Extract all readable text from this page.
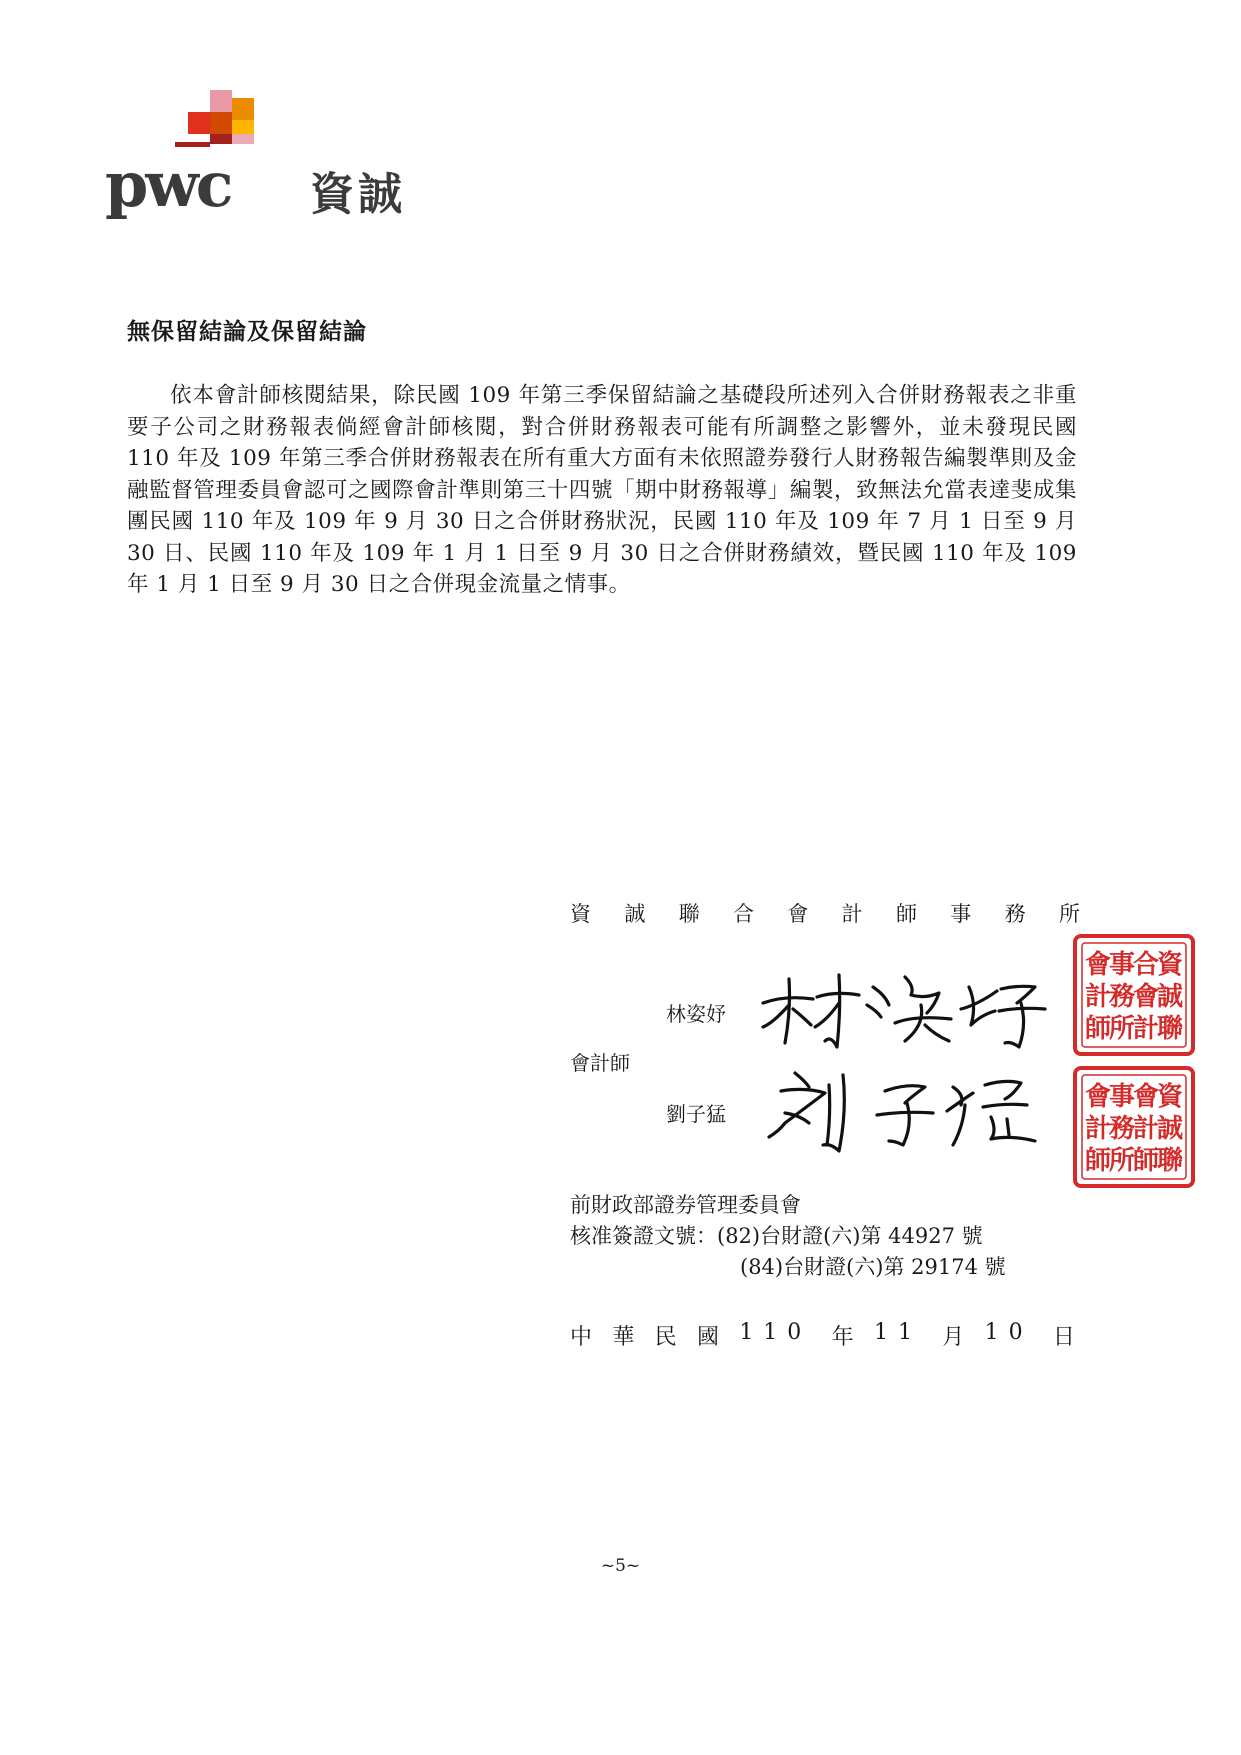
pwc 資誠
無保留結論及保留結論

依本會計師核閱結果，除民國 109 年第三季保留結論之基礎段所述列入合併財務報表之非重要子公司之財務報表倘經會計師核閱，對合併財務報表可能有所調整之影響外，並未發現民國 110 年及 109 年第三季合併財務報表在所有重大方面有未依照證券發行人財務報告編製準則及金融監督管理委員會認可之國際會計準則第三十四號「期中財務報導」編製，致無法允當表達斐成集團民國 110 年及 109 年 9 月 30 日之合併財務狀況，民國 110 年及 109 年 7 月 1 日至 9 月 30 日、民國 110 年及 109 年 1 月 1 日至 9 月 30 日之合併財務績效，暨民國 110 年及 109 年 1 月 1 日至 9 月 30 日之合併現金流量之情事。

資 誠 聯 合 會 計 師 事 務 所
林姿妤
會計師
劉子猛
資
誠
聯
合
會
計
事
務
所
會
計
師
資
誠
聯
會
計
師
事
務
所
會
計
師
前財政部證券管理委員會
核准簽證文號：(82)台財證(六)第 44927 號
(84)台財證(六)第 29174 號
中 華 民 國 110 年 11 月 10 日
~5~
